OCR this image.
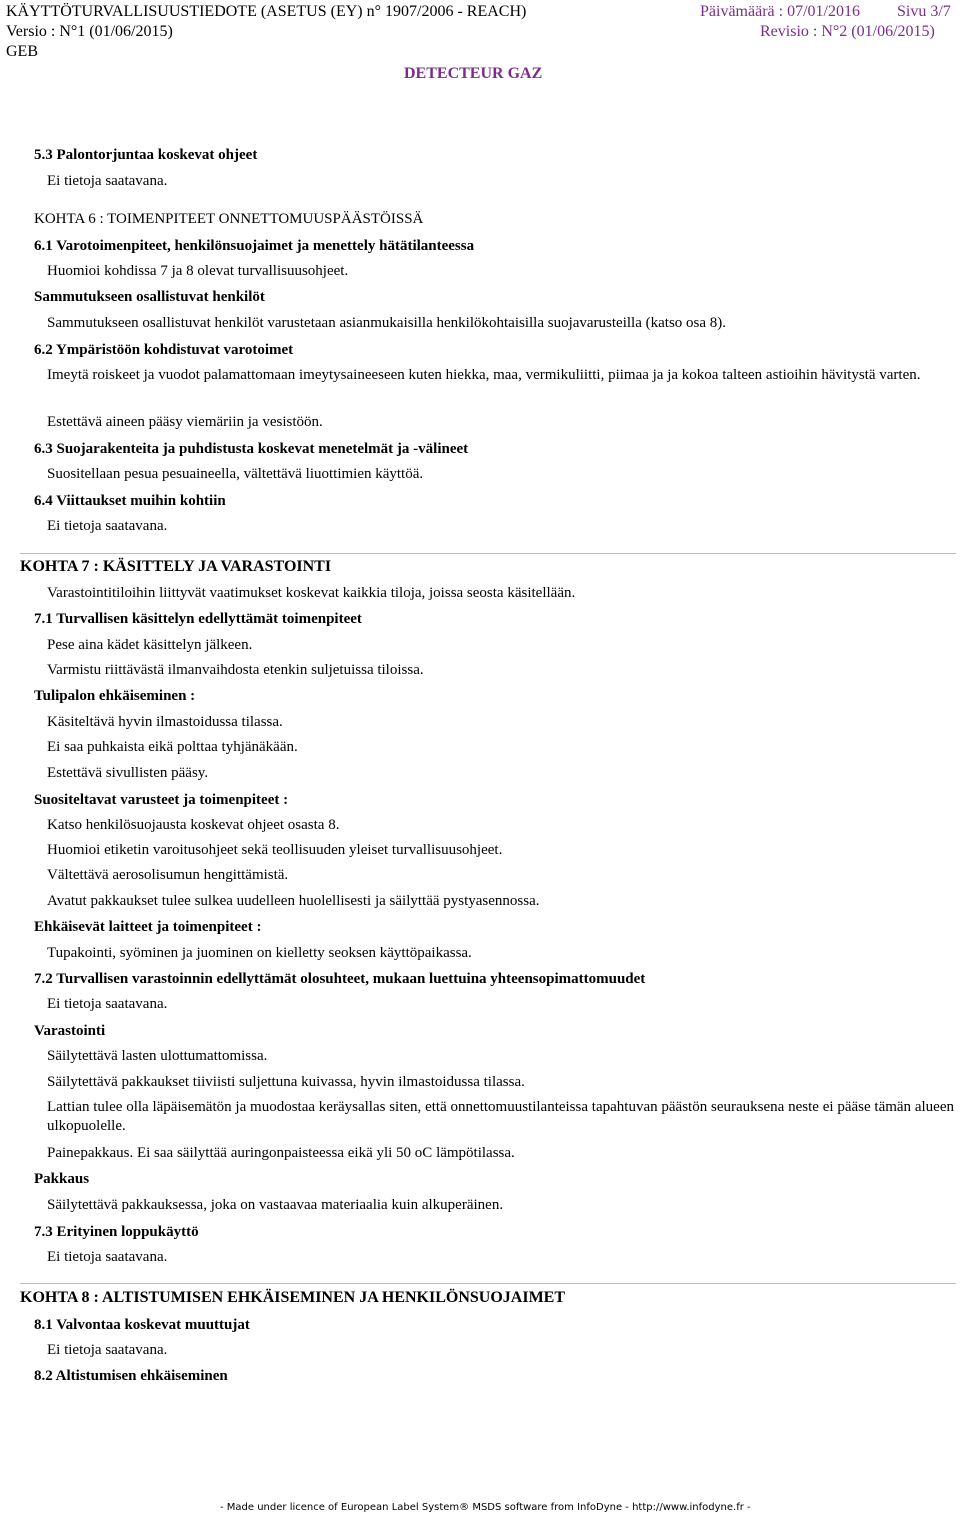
KÄYTTÖTURVALLISUUSTIEDOTE (ASETUS (EY) n° 1907/2006 - REACH)	Päivämäärä : 07/01/2016 Sivu 3/7
Versio : N°1 (01/06/2015)	Revisio : N°2 (01/06/2015)
GEB
DETECTEUR GAZ
5.3 Palontorjuntaa koskevat ohjeet
Ei tietoja saatavana.
KOHTA 6 : TOIMENPITEET ONNETTOMUUSPÄÄSTÖISSÄ
6.1 Varotoimenpiteet, henkilönsuojaimet ja menettely hätätilanteessa
Huomioi kohdissa 7 ja 8 olevat turvallisuusohjeet.
Sammutukseen osallistuvat henkilöt
Sammutukseen osallistuvat henkilöt varustetaan asianmukaisilla henkilökohtaisilla suojavarusteilla (katso osa 8).
6.2 Ympäristöön kohdistuvat varotoimet
Imeytä roiskeet ja vuodot palamattomaan imeytysaineeseen kuten hiekka, maa, vermikuliitti, piimaa ja ja kokoa talteen astioihin hävitystä varten.
Estettävä aineen pääsy viemäriin ja vesistöön.
6.3 Suojarakenteita ja puhdistusta koskevat menetelmät ja -välineet
Suositellaan pesua pesuaineella, vältettävä liuottimien käyttöä.
6.4 Viittaukset muihin kohtiin
Ei tietoja saatavana.
KOHTA 7 : KÄSITTELY JA VARASTOINTI
Varastointitiloihin liittyvät vaatimukset koskevat kaikkia tiloja, joissa seosta käsitellään.
7.1 Turvallisen käsittelyn edellyttämät toimenpiteet
Pese aina kädet käsittelyn jälkeen.
Varmistu riittävästä ilmanvaihdosta etenkin suljetuissa tiloissa.
Tulipalon ehkäiseminen :
Käsiteltävä hyvin ilmastoidussa tilassa.
Ei saa puhkaista eikä polttaa tyhjänäkään.
Estettävä sivullisten pääsy.
Suositeltavat varusteet ja toimenpiteet :
Katso henkilösuojausta koskevat ohjeet osasta 8.
Huomioi etiketin varoitusohjeet sekä teollisuuden yleiset turvallisuusohjeet.
Vältettävä aerosolisumun hengittämistä.
Avatut pakkaukset tulee sulkea uudelleen huolellisesti ja säilyttää pystyasennossa.
Ehkäisevät laitteet ja toimenpiteet :
Tupakointi, syöminen ja juominen on kielletty seoksen käyttöpaikassa.
7.2 Turvallisen varastoinnin edellyttämät olosuhteet, mukaan luettuina yhteensopimattomuudet
Ei tietoja saatavana.
Varastointi
Säilytettävä lasten ulottumattomissa.
Säilytettävä pakkaukset tiiviisti suljettuna kuivassa, hyvin ilmastoidussa tilassa.
Lattian tulee olla läpäisemätön ja muodostaa keräysallas siten, että onnettomuustilanteissa tapahtuvan päästön seurauksena neste ei pääse tämän alueen ulkopuolelle.
Painepakkaus. Ei saa säilyttää auringonpaisteessa eikä yli 50 oC lämpötilassa.
Pakkaus
Säilytettävä pakkauksessa, joka on vastaavaa materiaalia kuin alkuperäinen.
7.3 Erityinen loppukäyttö
Ei tietoja saatavana.
KOHTA 8 : ALTISTUMISEN EHKÄISEMINEN JA HENKILÖNSUOJAIMET
8.1 Valvontaa koskevat muuttujat
Ei tietoja saatavana.
8.2 Altistumisen ehkäiseminen
- Made under licence of European Label System® MSDS software from InfoDyne - http://www.infodyne.fr -
